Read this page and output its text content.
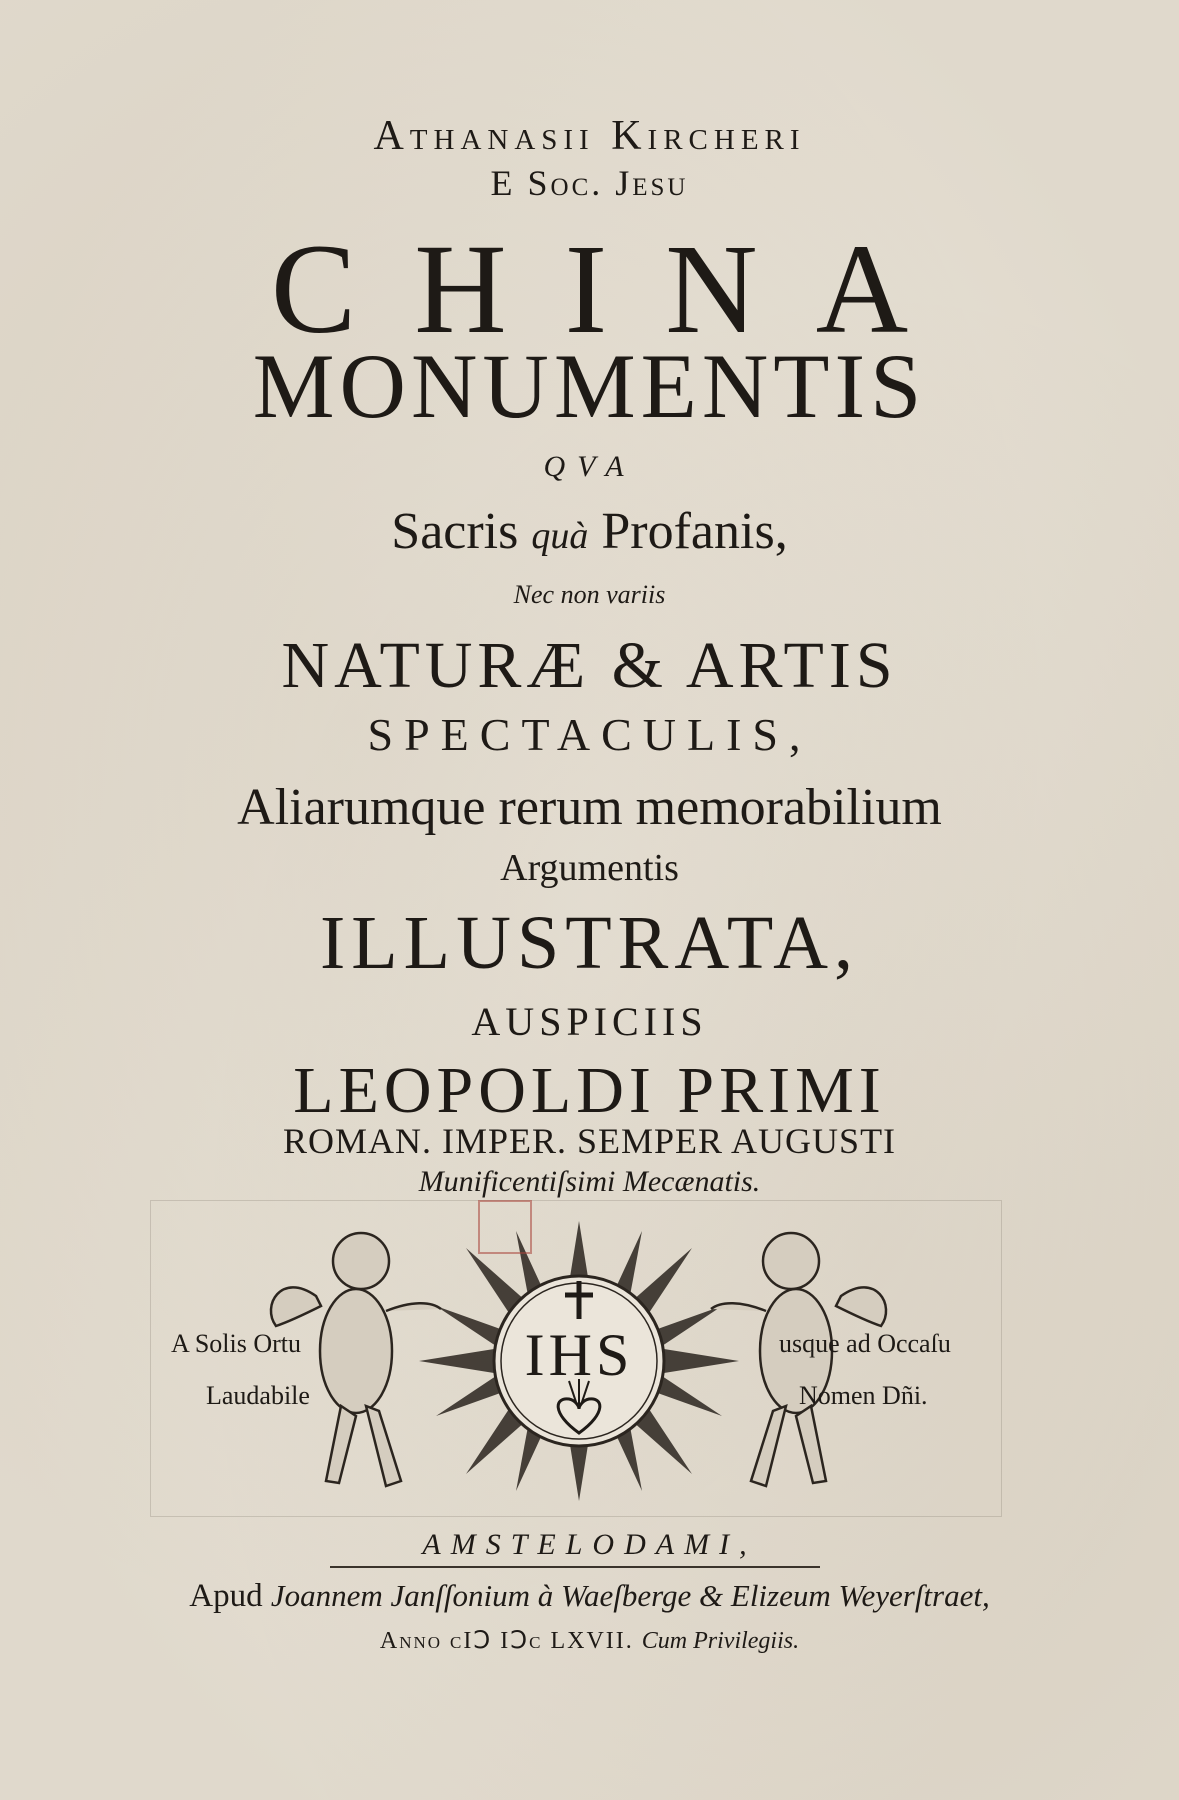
Athanasii Kircheri
E Soc. Jesu
CHINA
MONUMENTIS
QVA
Sacris quà Profanis,
Nec non variis
NATURÆ & ARTIS
SPECTACULIS,
Aliarumque rerum memorabilium
Argumentis
ILLUSTRATA,
AUSPICIIS
LEOPOLDI PRIMI
ROMAN. IMPER. SEMPER AUGUSTI
Munificentiſsimi Mecænatis.
IHS
A Solis Ortu
Laudabile
usque ad Occaſu
Nomen Dñi.
AMSTELODAMI,
Apud Joannem Janſſonium à Waeſberge & Elizeum Weyerſtraet,
Anno cIↃ IↃc LXVII. Cum Privilegiis.
